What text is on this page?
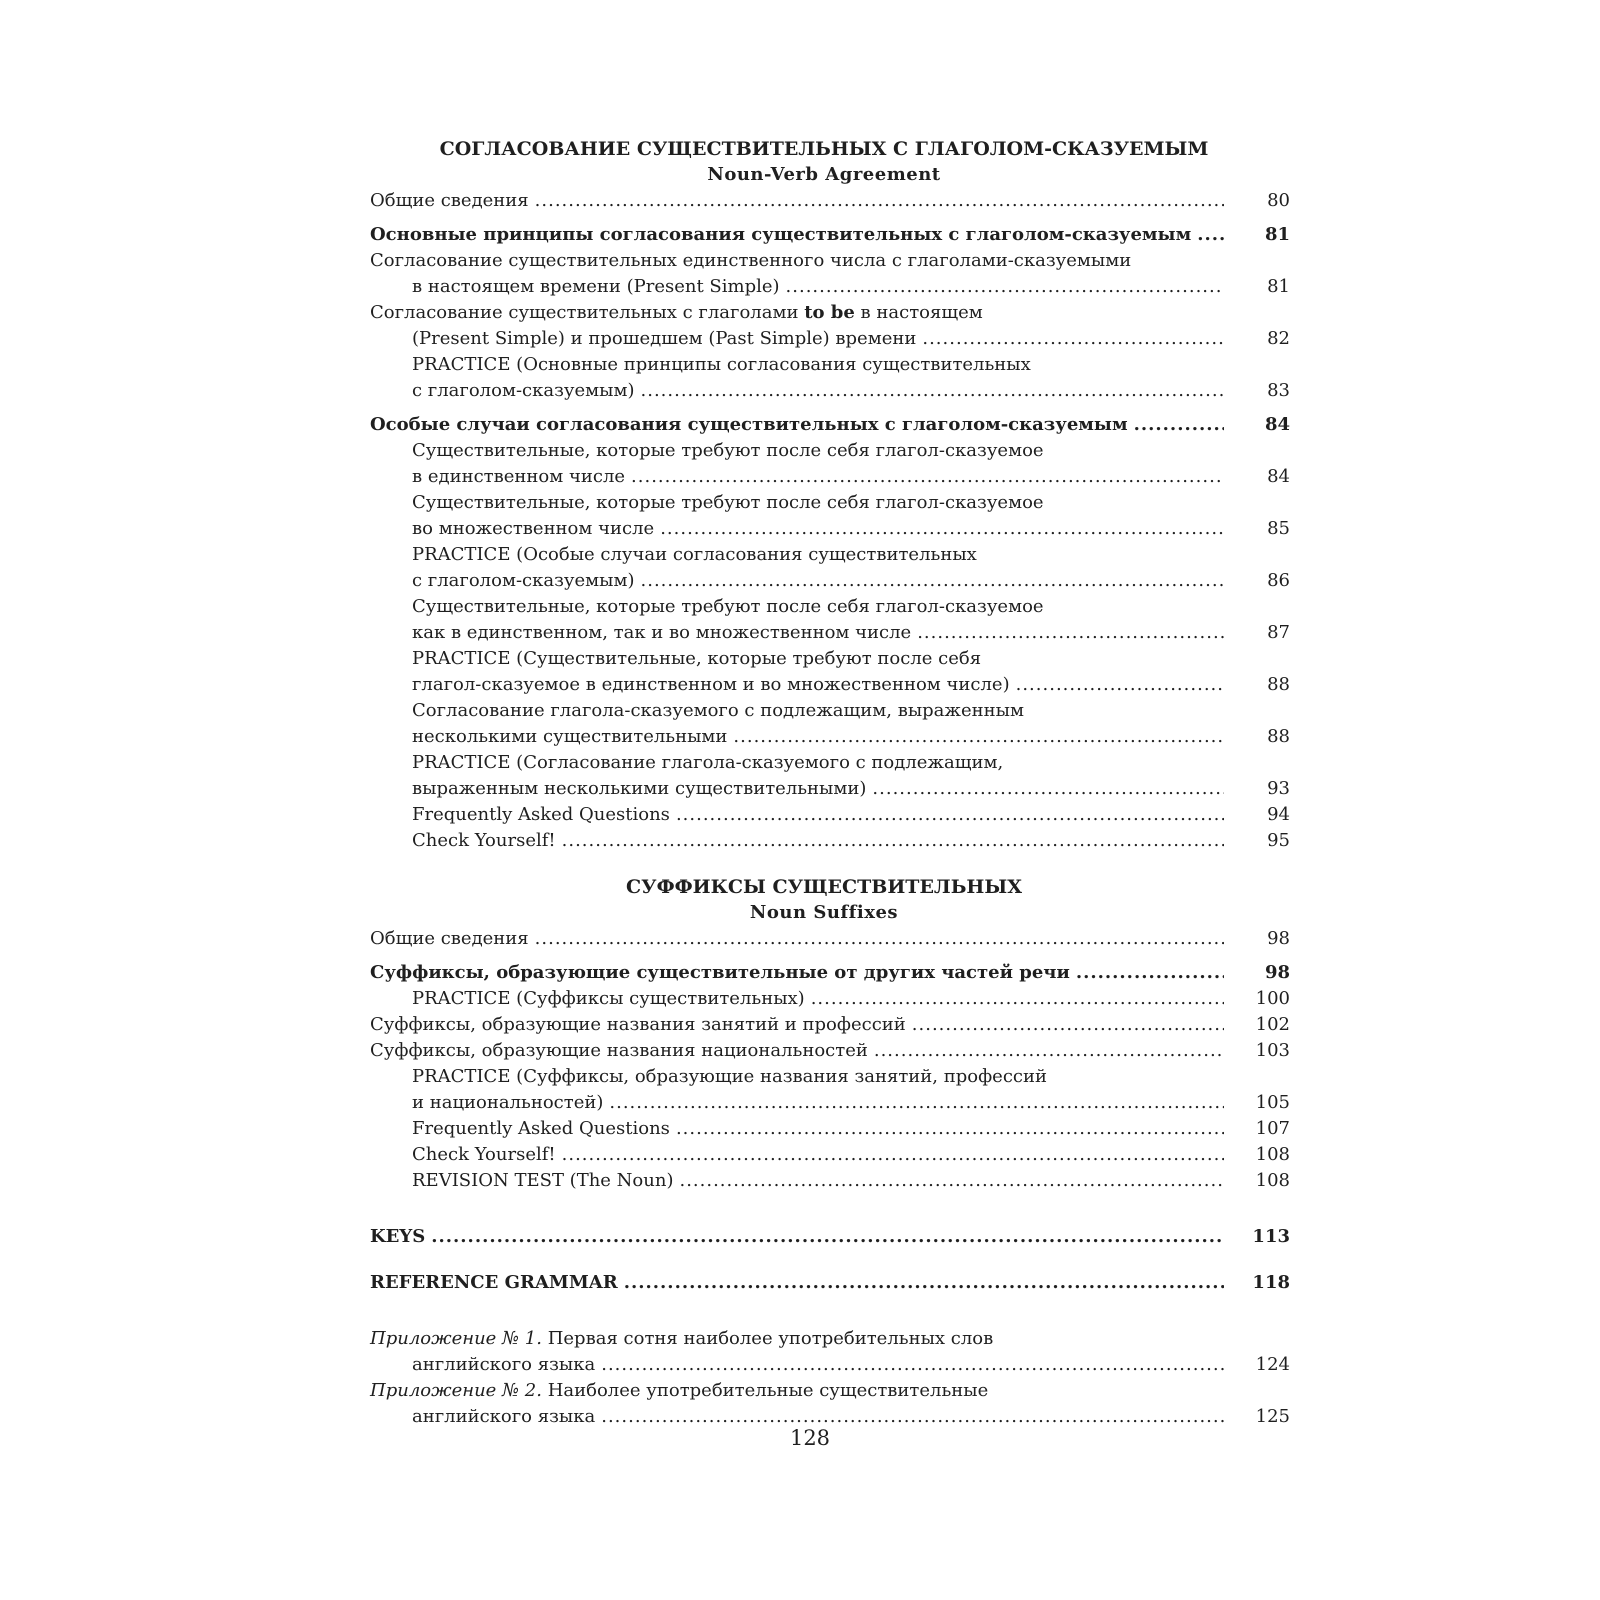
СОГЛАСОВАНИЕ СУЩЕСТВИТЕЛЬНЫХ С ГЛАГОЛОМ-СКАЗУЕМЫМ
Noun-Verb Agreement
Общие сведения .....	80
Основные принципы согласования существительных с глаголом-сказуемым .....	81
Согласование существительных единственного числа с глаголами-сказуемыми
в настоящем времени (Present Simple) .....	81
Согласование существительных с глаголами to be в настоящем
(Present Simple) и прошедшем (Past Simple) времени .....	82
PRACTICE (Основные принципы согласования существительных
с глаголом-сказуемым) .....	83
Особые случаи согласования существительных с глаголом-сказуемым .....	84
Существительные, которые требуют после себя глагол-сказуемое
в единственном числе .....	84
Существительные, которые требуют после себя глагол-сказуемое
во множественном числе .....	85
PRACTICE (Особые случаи согласования существительных
с глаголом-сказуемым) .....	86
Существительные, которые требуют после себя глагол-сказуемое
как в единственном, так и во множественном числе .....	87
PRACTICE (Существительные, которые требуют после себя
глагол-сказуемое в единственном и во множественном числе) .....	88
Согласование глагола-сказуемого с подлежащим, выраженным
несколькими существительными .....	88
PRACTICE (Согласование глагола-сказуемого с подлежащим,
выраженным несколькими существительными) .....	93
Frequently Asked Questions .....	94
Check Yourself! .....	95
СУФФИКСЫ СУЩЕСТВИТЕЛЬНЫХ
Noun Suffixes
Общие сведения .....	98
Суффиксы, образующие существительные от других частей речи .....	98
PRACTICE (Суффиксы существительных) .....	100
Суффиксы, образующие названия занятий и профессий .....	102
Суффиксы, образующие названия национальностей .....	103
PRACTICE (Суффиксы, образующие названия занятий, профессий
и национальностей) .....	105
Frequently Asked Questions .....	107
Check Yourself! .....	108
REVISION TEST (The Noun) .....	108
KEYS .....	113
REFERENCE GRAMMAR .....	118
Приложение № 1. Первая сотня наиболее употребительных слов
английского языка .....	124
Приложение № 2. Наиболее употребительные существительные
английского языка .....	125
128
